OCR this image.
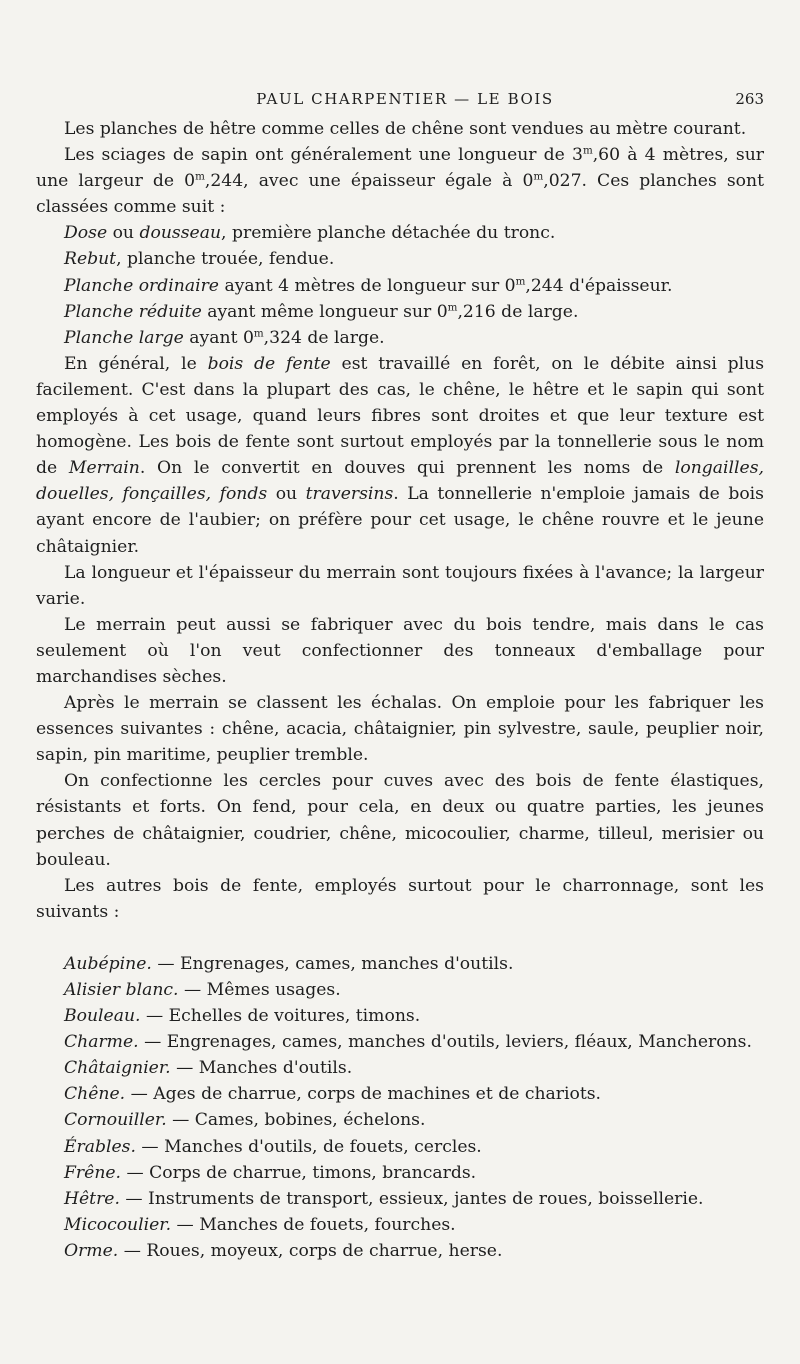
PAUL CHARPENTIER — LE BOIS	263

Les planches de hêtre comme celles de chêne sont vendues au mètre courant.

Les sciages de sapin ont généralement une longueur de 3$^m$,60 à 4 mètres, sur une largeur de 0$^m$,244, avec une épaisseur égale à 0$^m$,027. Ces planches sont classées comme suit :

Dose ou dousseau, première planche détachée du tronc.

Rebut, planche trouée, fendue.

Planche ordinaire ayant 4 mètres de longueur sur 0$^m$,244 d'épaisseur.

Planche réduite ayant même longueur sur 0$^m$,216 de large.

Planche large ayant 0$^m$,324 de large.

En général, le bois de fente est travaillé en forêt, on le débite ainsi plus facilement. C'est dans la plupart des cas, le chêne, le hêtre et le sapin qui sont employés à cet usage, quand leurs fibres sont droites et que leur texture est homogène. Les bois de fente sont surtout employés par la tonnellerie sous le nom de Merrain. On le convertit en douves qui prennent les noms de longailles, douelles, fonçailles, fonds ou traversins. La tonnellerie n'emploie jamais de bois ayant encore de l'aubier; on préfère pour cet usage, le chêne rouvre et le jeune châtaignier.

La longueur et l'épaisseur du merrain sont toujours fixées à l'avance; la largeur varie.

Le merrain peut aussi se fabriquer avec du bois tendre, mais dans le cas seulement où l'on veut confectionner des tonneaux d'emballage pour marchandises sèches.

Après le merrain se classent les échalas. On emploie pour les fabriquer les essences suivantes : chêne, acacia, châtaignier, pin sylvestre, saule, peuplier noir, sapin, pin maritime, peuplier tremble.

On confectionne les cercles pour cuves avec des bois de fente élastiques, résistants et forts. On fend, pour cela, en deux ou quatre parties, les jeunes perches de châtaignier, coudrier, chêne, micocoulier, charme, tilleul, merisier ou bouleau.

Les autres bois de fente, employés surtout pour le charronnage, sont les suivants :

Aubépine. — Engrenages, cames, manches d'outils.

Alisier blanc. — Mêmes usages.

Bouleau. — Echelles de voitures, timons.

Charme. — Engrenages, cames, manches d'outils, leviers, fléaux, Mancherons.

Châtaignier. — Manches d'outils.

Chêne. — Ages de charrue, corps de machines et de chariots.

Cornouiller. — Cames, bobines, échelons.

Érables. — Manches d'outils, de fouets, cercles.

Frêne. — Corps de charrue, timons, brancards.

Hêtre. — Instruments de transport, essieux, jantes de roues, boissellerie.

Micocoulier. — Manches de fouets, fourches.

Orme. — Roues, moyeux, corps de charrue, herse.
